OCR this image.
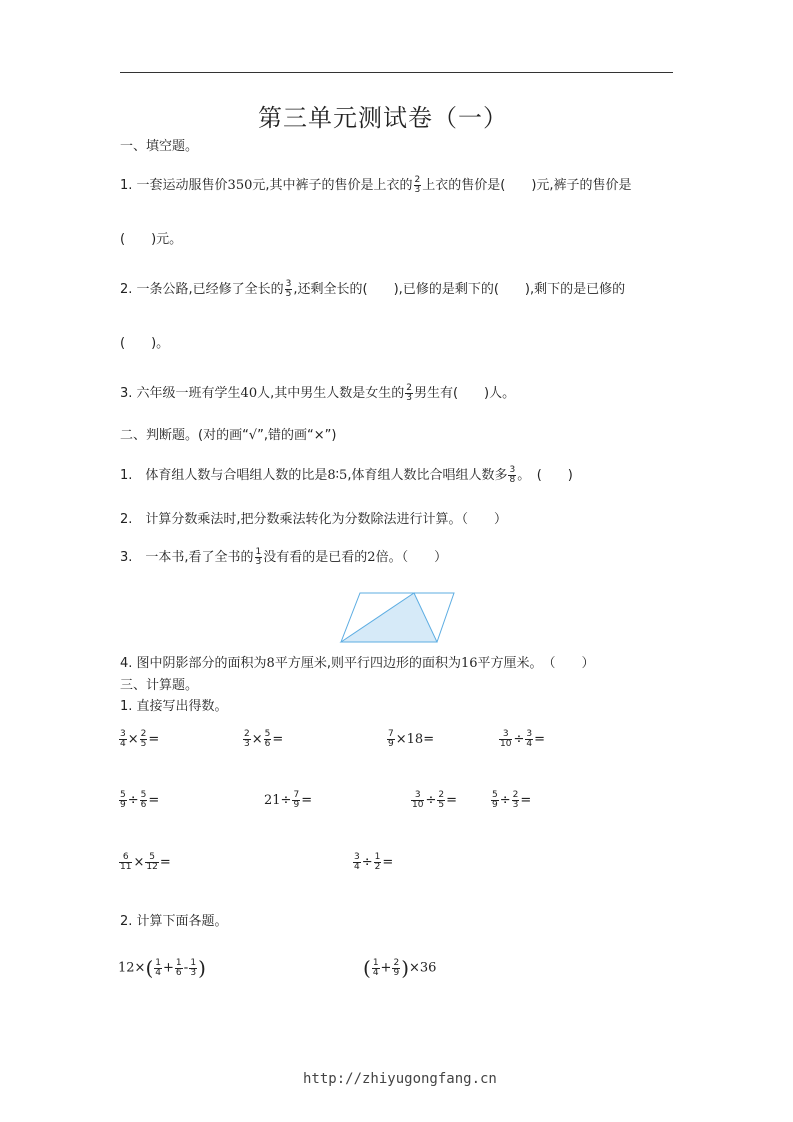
第三单元测试卷（一）
一、填空题。
1. 一套运动服售价350元,其中裤子的售价是上衣的 $\frac{2}{3}$ 上衣的售价是(　　)元,裤子的售价是
(　　)元。
2. 一条公路,已经修了全长的 $\frac{3}{5}$ ,还剩全长的(　　),已修的是剩下的(　　),剩下的是已修的
(　　)。
3. 六年级一班有学生40人,其中男生人数是女生的 $\frac{2}{3}$ 男生有(　　)人。
二、判断题。(对的画“√”,错的画“×”)
1.　体育组人数与合唱组人数的比是8∶5,体育组人数比合唱组人数多 $\frac{3}{8}$ 。　(　　)
2.　计算分数乘法时,把分数乘法转化为分数除法进行计算。（　　）
3.　一本书,看了全书的 $\frac{1}{3}$ 没有看的是已看的2倍。（　　）
4. 图中阴影部分的面积为8平方厘米,则平行四边形的面积为16平方厘米。　（　　）
三、计算题。
1. 直接写出得数。
$\frac{3}{4} \times \frac{2}{5}$ =	$\frac{2}{3} \times \frac{5}{6}$ =	$\frac{7}{9} \times 18=$	$\frac{3}{10} \div \frac{3}{4}$ =
$\frac{5}{9} \div \frac{5}{6}$ =	$21\div \frac{7}{9}$ =	$\frac{3}{10} \div \frac{2}{5}$ =	$\frac{5}{9} \div \frac{2}{3}$ =
$\frac{6}{11} \times \frac{5}{12}$ =	$\frac{3}{4} \div \frac{1}{2}$ =
2. 计算下面各题。
$12\times( \frac{1}{4} + \frac{1}{6} - \frac{1}{3}$ )	( $\frac{1}{4} + \frac{2}{9} )\times 36$
http://zhiyugongfang.cn
